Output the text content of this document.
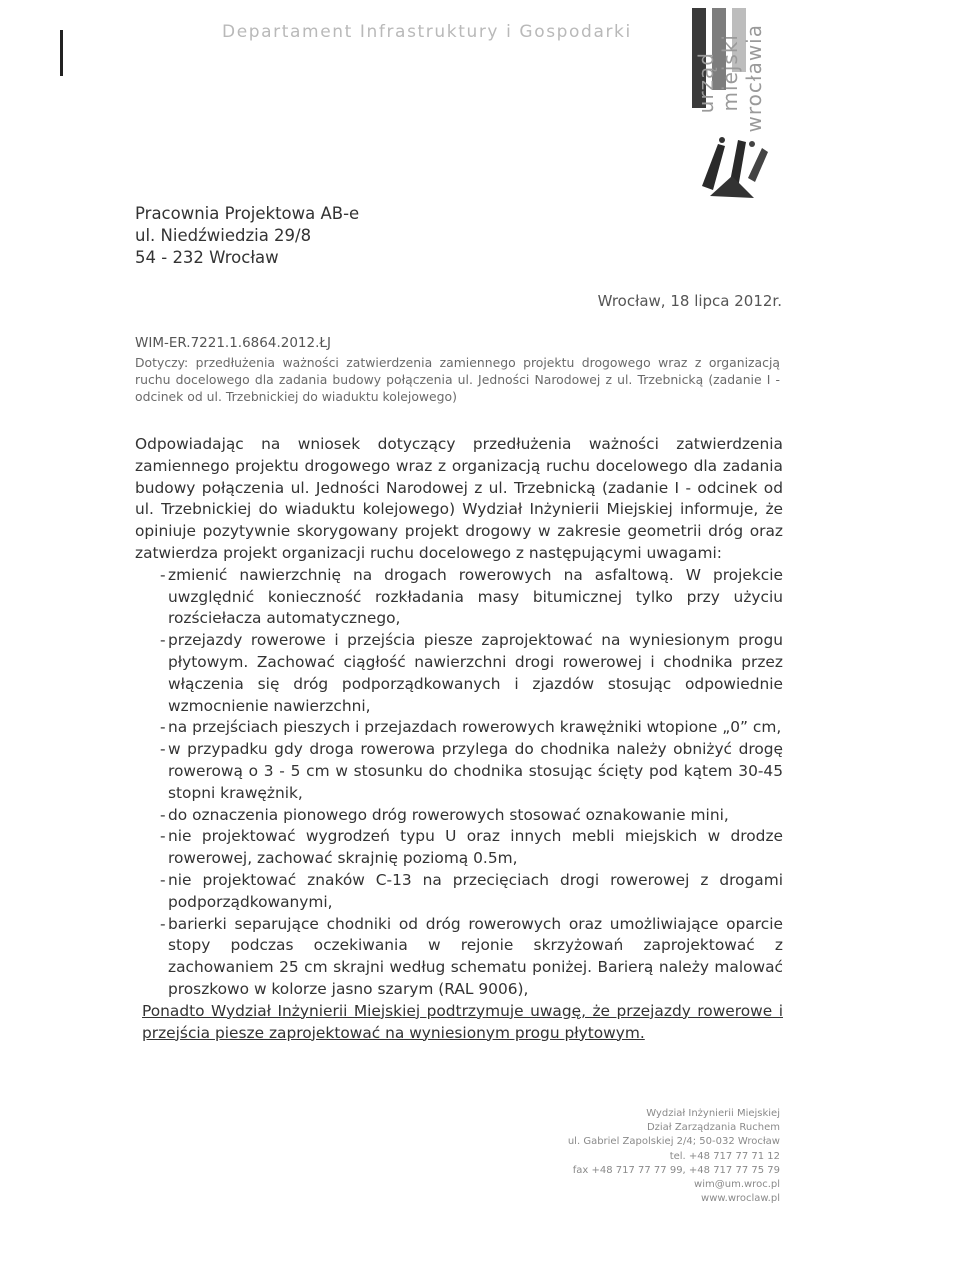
Departament Infrastruktury i Gospodarki
urząd miejski wrocławia
Pracownia Projektowa AB-e
ul. Niedźwiedzia 29/8
54 - 232 Wrocław
Wrocław, 18 lipca 2012r.
WIM-ER.7221.1.6864.2012.ŁJ
Dotyczy: przedłużenia ważności zatwierdzenia zamiennego projektu drogowego wraz z organizacją ruchu docelowego dla zadania budowy połączenia ul. Jedności Narodowej z ul. Trzebnicką (zadanie I - odcinek od ul. Trzebnickiej do wiaduktu kolejowego)
Odpowiadając na wniosek dotyczący przedłużenia ważności zatwierdzenia zamiennego projektu drogowego wraz z organizacją ruchu docelowego dla zadania budowy połączenia ul. Jedności Narodowej z ul. Trzebnicką (zadanie I - odcinek od ul. Trzebnickiej do wiaduktu kolejowego) Wydział Inżynierii Miejskiej informuje, że opiniuje pozytywnie skorygowany projekt drogowy w zakresie geometrii dróg oraz zatwierdza projekt organizacji ruchu docelowego z następującymi uwagami:
- zmienić nawierzchnię na drogach rowerowych na asfaltową. W projekcie uwzględnić konieczność rozkładania masy bitumicznej tylko przy użyciu rozściełacza automatycznego,
- przejazdy rowerowe i przejścia piesze zaprojektować na wyniesionym progu płytowym. Zachować ciągłość nawierzchni drogi rowerowej i chodnika przez włączenia się dróg podporządkowanych i zjazdów stosując odpowiednie wzmocnienie nawierzchni,
- na przejściach pieszych i przejazdach rowerowych krawężniki wtopione „0” cm,
- w przypadku gdy droga rowerowa przylega do chodnika należy obniżyć drogę rowerową o 3 - 5 cm w stosunku do chodnika stosując ścięty pod kątem 30-45 stopni krawężnik,
- do oznaczenia pionowego dróg rowerowych stosować oznakowanie mini,
- nie projektować wygrodzeń typu U oraz innych mebli miejskich w drodze rowerowej, zachować skrajnię poziomą 0.5m,
- nie projektować znaków C-13 na przecięciach drogi rowerowej z drogami podporządkowanymi,
- barierki separujące chodniki od dróg rowerowych oraz umożliwiające oparcie stopy podczas oczekiwania w rejonie skrzyżowań zaprojektować z zachowaniem 25 cm skrajni według schematu poniżej. Barierą należy malować proszkowo w kolorze jasno szarym (RAL 9006),
Ponadto Wydział Inżynierii Miejskiej podtrzymuje uwagę, że przejazdy rowerowe i przejścia piesze zaprojektować na wyniesionym progu płytowym.
Wydział Inżynierii Miejskiej
Dział Zarządzania Ruchem
ul. Gabriel Zapolskiej 2/4; 50-032 Wrocław
tel. +48 717 77 71 12
fax +48 717 77 77 99, +48 717 77 75 79
wim@um.wroc.pl
www.wroclaw.pl
